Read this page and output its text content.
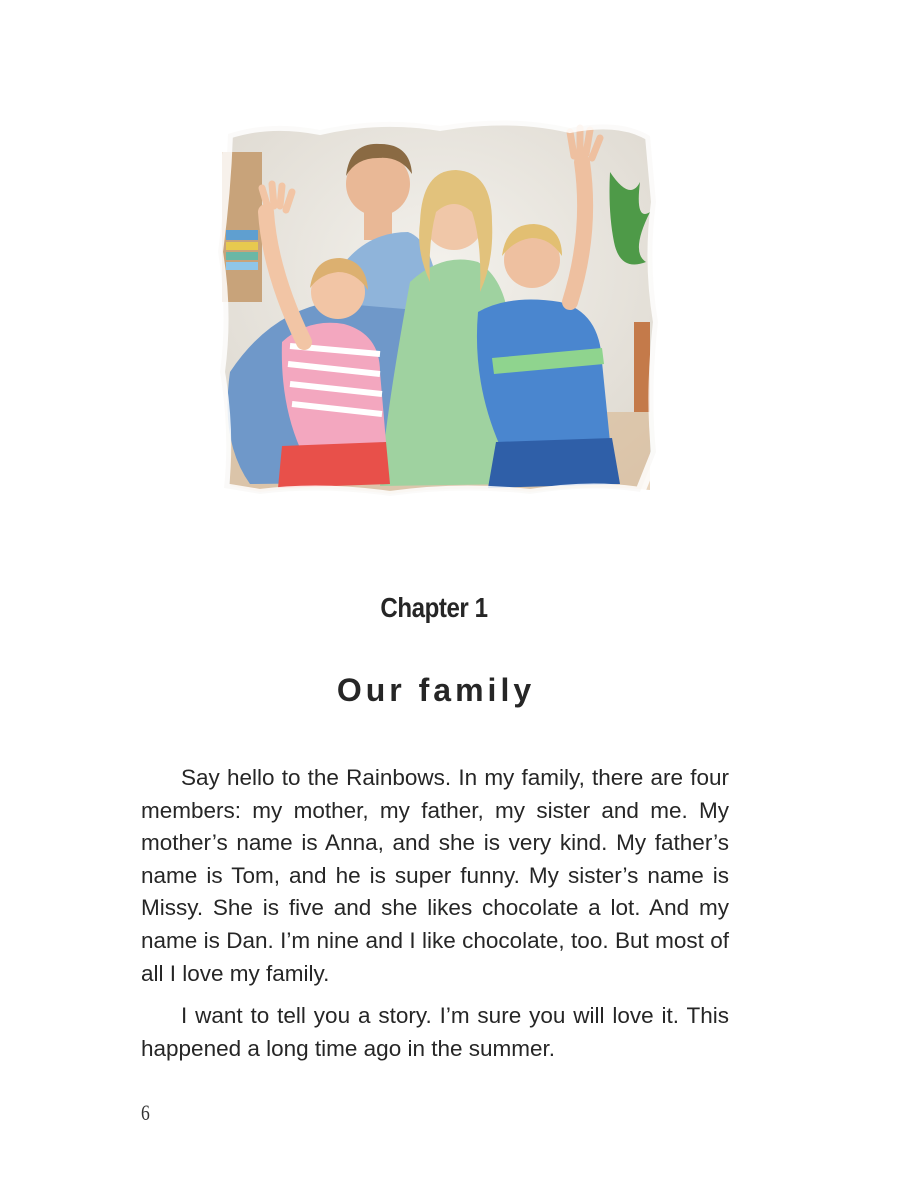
Chapter 1
Our family

Say hello to the Rainbows. In my family, there are four members: my mother, my father, my sister and me. My mother’s name is Anna, and she is very kind. My father’s name is Tom, and he is super funny. My sister’s name is Missy. She is five and she likes chocolate a lot. And my name is Dan. I’m nine and I like chocolate, too. But most of all I love my family.

I want to tell you a story. I’m sure you will love it. This happened a long time ago in the summer.

6
